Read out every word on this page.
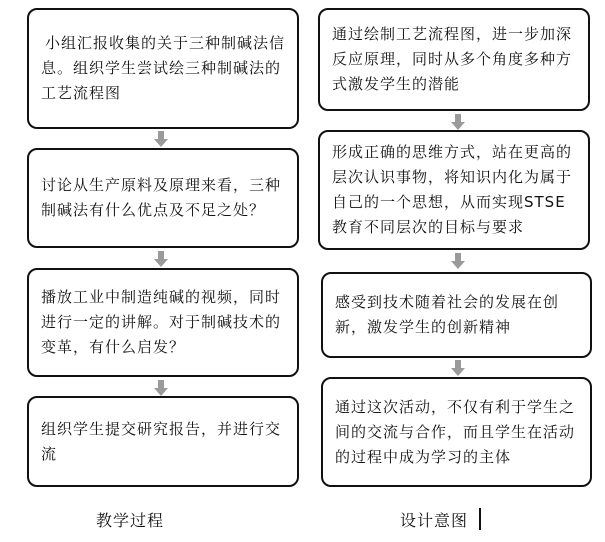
小组汇报收集的关于三种制碱法信息。组织学生尝试绘三种制碱法的工艺流程图
讨论从生产原料及原理来看，三种制碱法有什么优点及不足之处？
播放工业中制造纯碱的视频，同时进行一定的讲解。对于制碱技术的变革，有什么启发？
组织学生提交研究报告，并进行交流
教学过程
通过绘制工艺流程图，进一步加深反应原理，同时从多个角度多种方式激发学生的潜能
形成正确的思维方式，站在更高的层次认识事物，将知识内化为属于自己的一个思想，从而实现STSE 教育不同层次的目标与要求
感受到技术随着社会的发展在创新，激发学生的创新精神
通过这次活动，不仅有利于学生之间的交流与合作，而且学生在活动的过程中成为学习的主体
设计意图
